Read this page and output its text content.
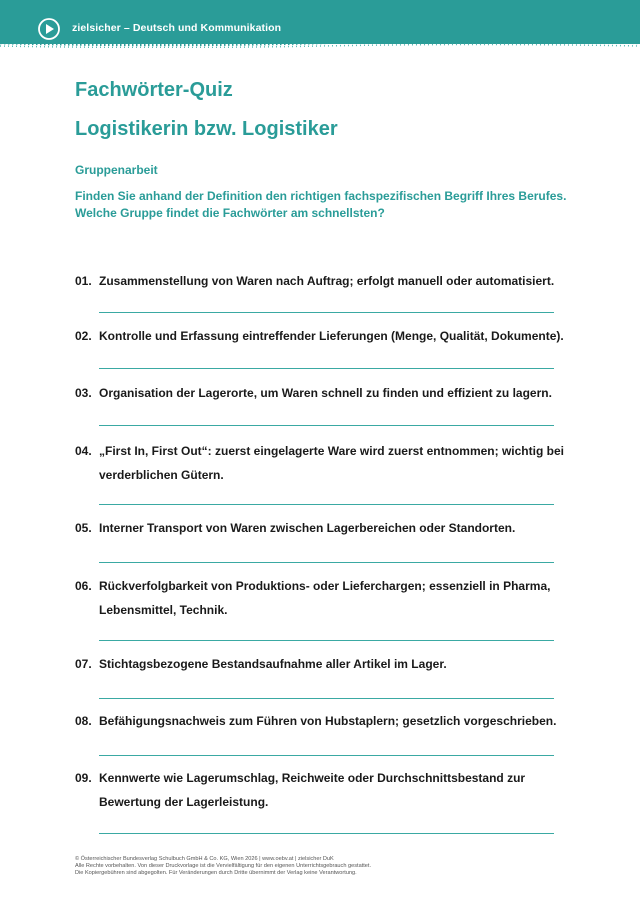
zielsicher – Deutsch und Kommunikation
Fachwörter-Quiz
Logistikerin bzw. Logistiker
Gruppenarbeit
Finden Sie anhand der Definition den richtigen fachspezifischen Begriff Ihres Berufes. Welche Gruppe findet die Fachwörter am schnellsten?
01. Zusammenstellung von Waren nach Auftrag; erfolgt manuell oder automatisiert.
02. Kontrolle und Erfassung eintreffender Lieferungen (Menge, Qualität, Dokumente).
03. Organisation der Lagerorte, um Waren schnell zu finden und effizient zu lagern.
04. „First In, First Out“: zuerst eingelagerte Ware wird zuerst entnommen; wichtig bei verderblichen Gütern.
05. Interner Transport von Waren zwischen Lagerbereichen oder Standorten.
06. Rückverfolgbarkeit von Produktions- oder Lieferchargen; essenziell in Pharma, Lebensmittel, Technik.
07. Stichtagsbezogene Bestandsaufnahme aller Artikel im Lager.
08. Befähigungsnachweis zum Führen von Hubstaplern; gesetzlich vorgeschrieben.
09. Kennwerte wie Lagerumschlag, Reichweite oder Durchschnittsbestand zur Bewertung der Lagerleistung.
© Österreichischer Bundesverlag Schulbuch GmbH & Co. KG, Wien 2026 | www.oebv.at | zielsicher DuK
Alle Rechte vorbehalten. Von dieser Druckvorlage ist die Vervielfältigung für den eigenen Unterrichtsgebrauch gestattet.
Die Kopiergebühren sind abgegolten. Für Veränderungen durch Dritte übernimmt der Verlag keine Verantwortung.
